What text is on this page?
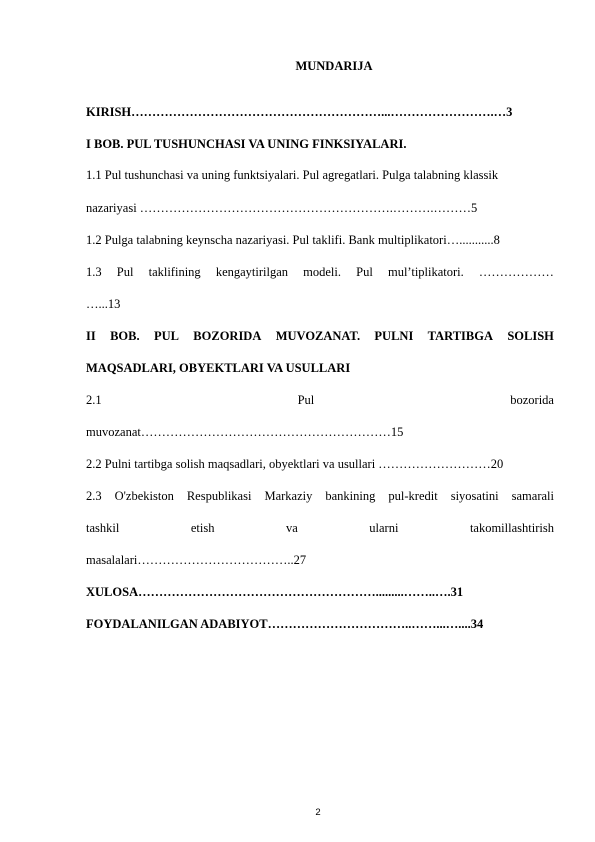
MUNDARIJA
KIRISH……………………………………………………...…………………….…3
I BOB. PUL TUSHUNCHASI VA UNING FINKSIYALARI.
1.1 Pul tushunchasi va uning funktsiyalari. Pul agregatlari. Pulga talabning klassik
nazariyasi …………………………………………………….……….………5
1.2 Pulga talabning keynscha nazariyasi. Pul taklifi. Bank multiplikatori…...........8
1.3 Pul taklifining kengaytirilgan modeli. Pul mul’tiplikatori. ………………
…...13
II BOB. PUL BOZORIDA MUVOZANAT. PULNI TARTIBGA SOLISH
MAQSADLARI, OBYEKTLARI VA USULLARI
2.1	Pul	bozorida
muvozanat……………………………………………………15
2.2 Pulni tartibga solish maqsadlari, obyektlari va usullari ………………………20
2.3 O'zbekiston Respublikasi Markaziy bankining pul-kredit siyosatini samarali
tashkil	etish	va	ularni	takomillashtirish
masalalari………………………………..27
XULOSA………………………………………………….........……..….31
FOYDALANILGAN ADABIYOT……………………………..……...…....34
2
